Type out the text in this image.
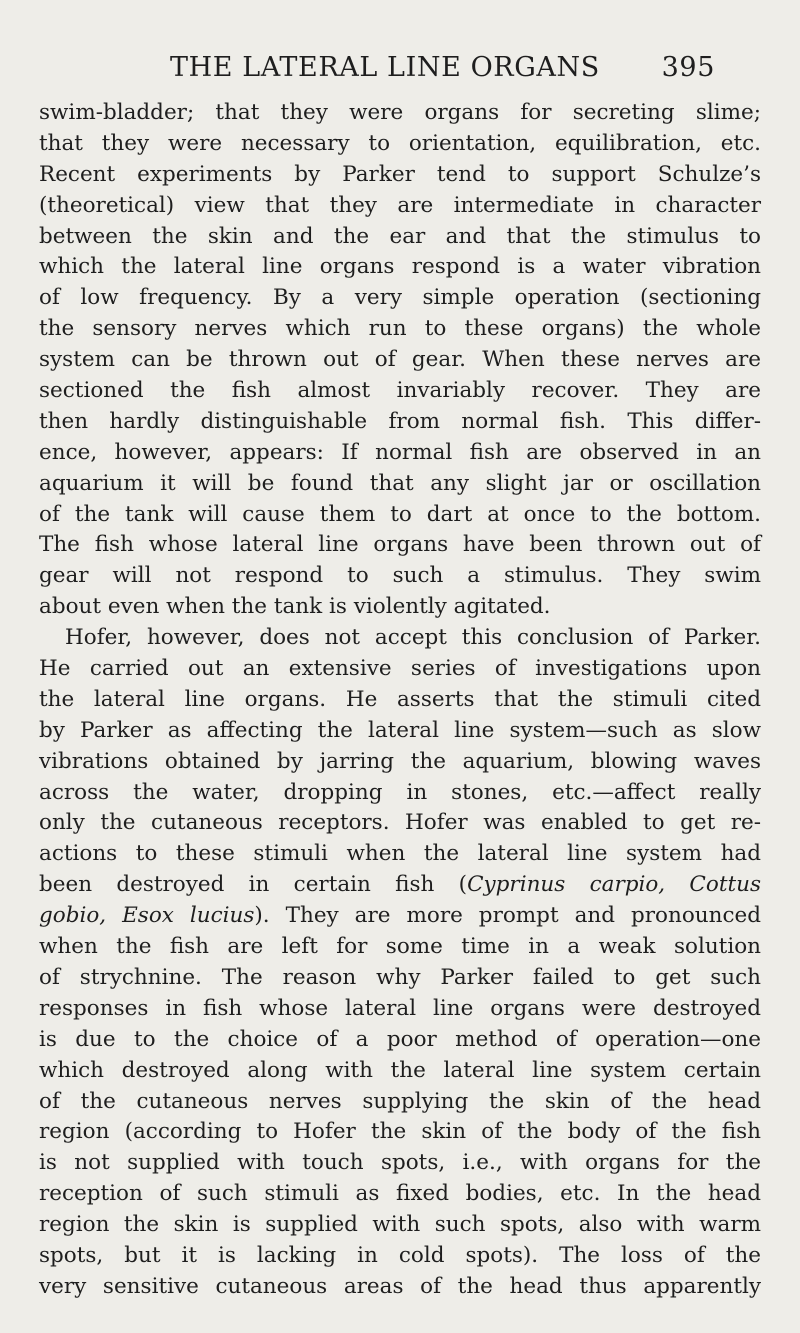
THE LATERAL LINE ORGANS 395
swim-bladder; that they were organs for secreting slime;
that they were necessary to orientation, equilibration, etc.
Recent experiments by Parker tend to support Schulze’s
(theoretical) view that they are intermediate in character
between the skin and the ear and that the stimulus to
which the lateral line organs respond is a water vibration
of low frequency. By a very simple operation (sectioning
the sensory nerves which run to these organs) the whole
system can be thrown out of gear. When these nerves are
sectioned the fish almost invariably recover. They are
then hardly distinguishable from normal fish. This differ-
ence, however, appears: If normal fish are observed in an
aquarium it will be found that any slight jar or oscillation
of the tank will cause them to dart at once to the bottom.
The fish whose lateral line organs have been thrown out of
gear will not respond to such a stimulus. They swim
about even when the tank is violently agitated.
Hofer, however, does not accept this conclusion of Parker.
He carried out an extensive series of investigations upon
the lateral line organs. He asserts that the stimuli cited
by Parker as affecting the lateral line system—such as slow
vibrations obtained by jarring the aquarium, blowing waves
across the water, dropping in stones, etc.—affect really
only the cutaneous receptors. Hofer was enabled to get re-
actions to these stimuli when the lateral line system had
been destroyed in certain fish (Cyprinus carpio, Cottus
gobio, Esox lucius). They are more prompt and pronounced
when the fish are left for some time in a weak solution
of strychnine. The reason why Parker failed to get such
responses in fish whose lateral line organs were destroyed
is due to the choice of a poor method of operation—one
which destroyed along with the lateral line system certain
of the cutaneous nerves supplying the skin of the head
region (according to Hofer the skin of the body of the fish
is not supplied with touch spots, i.e., with organs for the
reception of such stimuli as fixed bodies, etc. In the head
region the skin is supplied with such spots, also with warm
spots, but it is lacking in cold spots). The loss of the
very sensitive cutaneous areas of the head thus apparently
